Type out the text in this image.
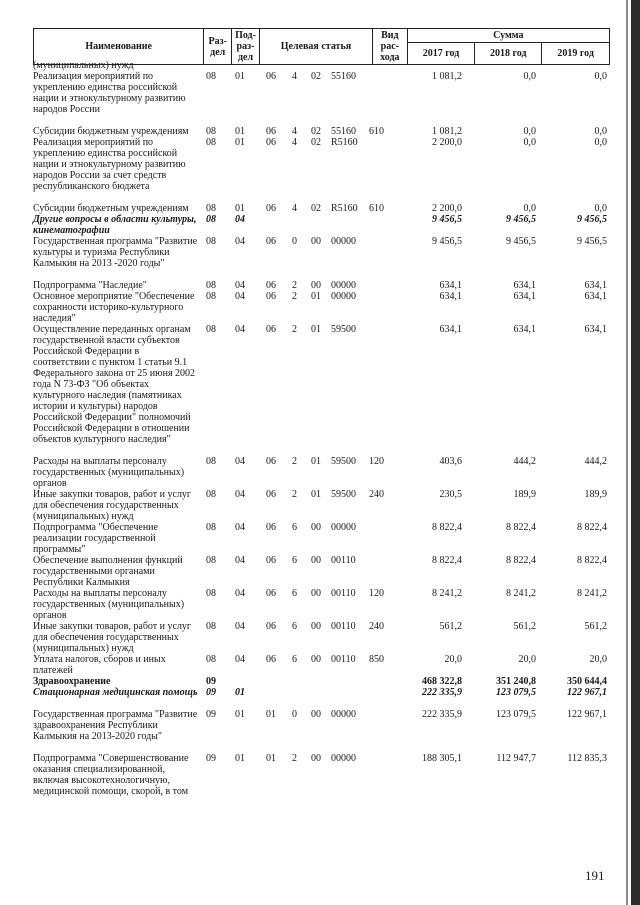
Наименование	Раз-дел	Под-раз-дел	Целевая статья	Вид рас-хода	Сумма		
					2017 год	2018 год	2019 год
(муниципальных) нужд
Реализация мероприятий по укреплению единства российской нации и этнокультурному развитию народов России
08 01 06 4 02 55160	1 081,2	0,0	0,0
Субсидии бюджетным учреждениям	08 01 06 4 02 55160 610	1 081,2	0,0	0,0
Реализация мероприятий по укреплению единства российской нации и этнокультурному развитию народов России за счет средств республиканского бюджета
08 01 06 4 02 R5160	2 200,0	0,0	0,0
Субсидии бюджетным учреждениям	08 01 06 4 02 R5160 610	2 200,0	0,0	0,0
Другие вопросы в области культуры, кинематографии
08 04	9 456,5	9 456,5	9 456,5
Государственная программа "Развитие культуры и туризма Республики Калмыкия на 2013 -2020 годы"
08 04 06 0 00 00000	9 456,5	9 456,5	9 456,5
Подпрограмма "Наследие"	08 04 06 2 00 00000	634,1	634,1	634,1
Основное мероприятие "Обеспечение сохранности историко-культурного наследия"
08 04 06 2 01 00000	634,1	634,1	634,1
Осуществление переданных органам государственной власти субъектов Российской Федерации в соответствии с пунктом 1 статьи 9.1 Федерального закона от 25 июня 2002 года N 73-ФЗ "Об объектах культурного наследия (памятниках истории и культуры) народов Российской Федерации" полномочий Российской Федерации в отношении объектов культурного наследия"
08 04 06 2 01 59500	634,1	634,1	634,1
Расходы на выплаты персоналу государственных (муниципальных) органов
08 04 06 2 01 59500 120	403,6	444,2	444,2
Иные закупки товаров, работ и услуг для обеспечения государственных (муниципальных) нужд
08 04 06 2 01 59500 240	230,5	189,9	189,9
Подпрограмма "Обеспечение реализации государственной программы"
08 04 06 6 00 00000	8 822,4	8 822,4	8 822,4
Обеспечение выполнения функций государственными органами Республики Калмыкия
08 04 06 6 00 00110	8 822,4	8 822,4	8 822,4
Расходы на выплаты персоналу государственных (муниципальных) органов
08 04 06 6 00 00110 120	8 241,2	8 241,2	8 241,2
Иные закупки товаров, работ и услуг для обеспечения государственных (муниципальных) нужд
08 04 06 6 00 00110 240	561,2	561,2	561,2
Уплата налогов, сборов и иных платежей
08 04 06 6 00 00110 850	20,0	20,0	20,0
Здравоохранение	09	468 322,8	351 240,8	350 644,4
Стационарная медицинская помощь 09 01	222 335,9	123 079,5	122 967,1
Государственная программа "Развитие здравоохранения Республики Калмыкия на 2013-2020 годы"
09 01 01 0 00 00000	222 335,9	123 079,5	122 967,1
Подпрограмма "Совершенствование оказания специализированной, включая высокотехнологичную, медицинской помощи, скорой, в том
09 01 01 2 00 00000	188 305,1	112 947,7	112 835,3
191
